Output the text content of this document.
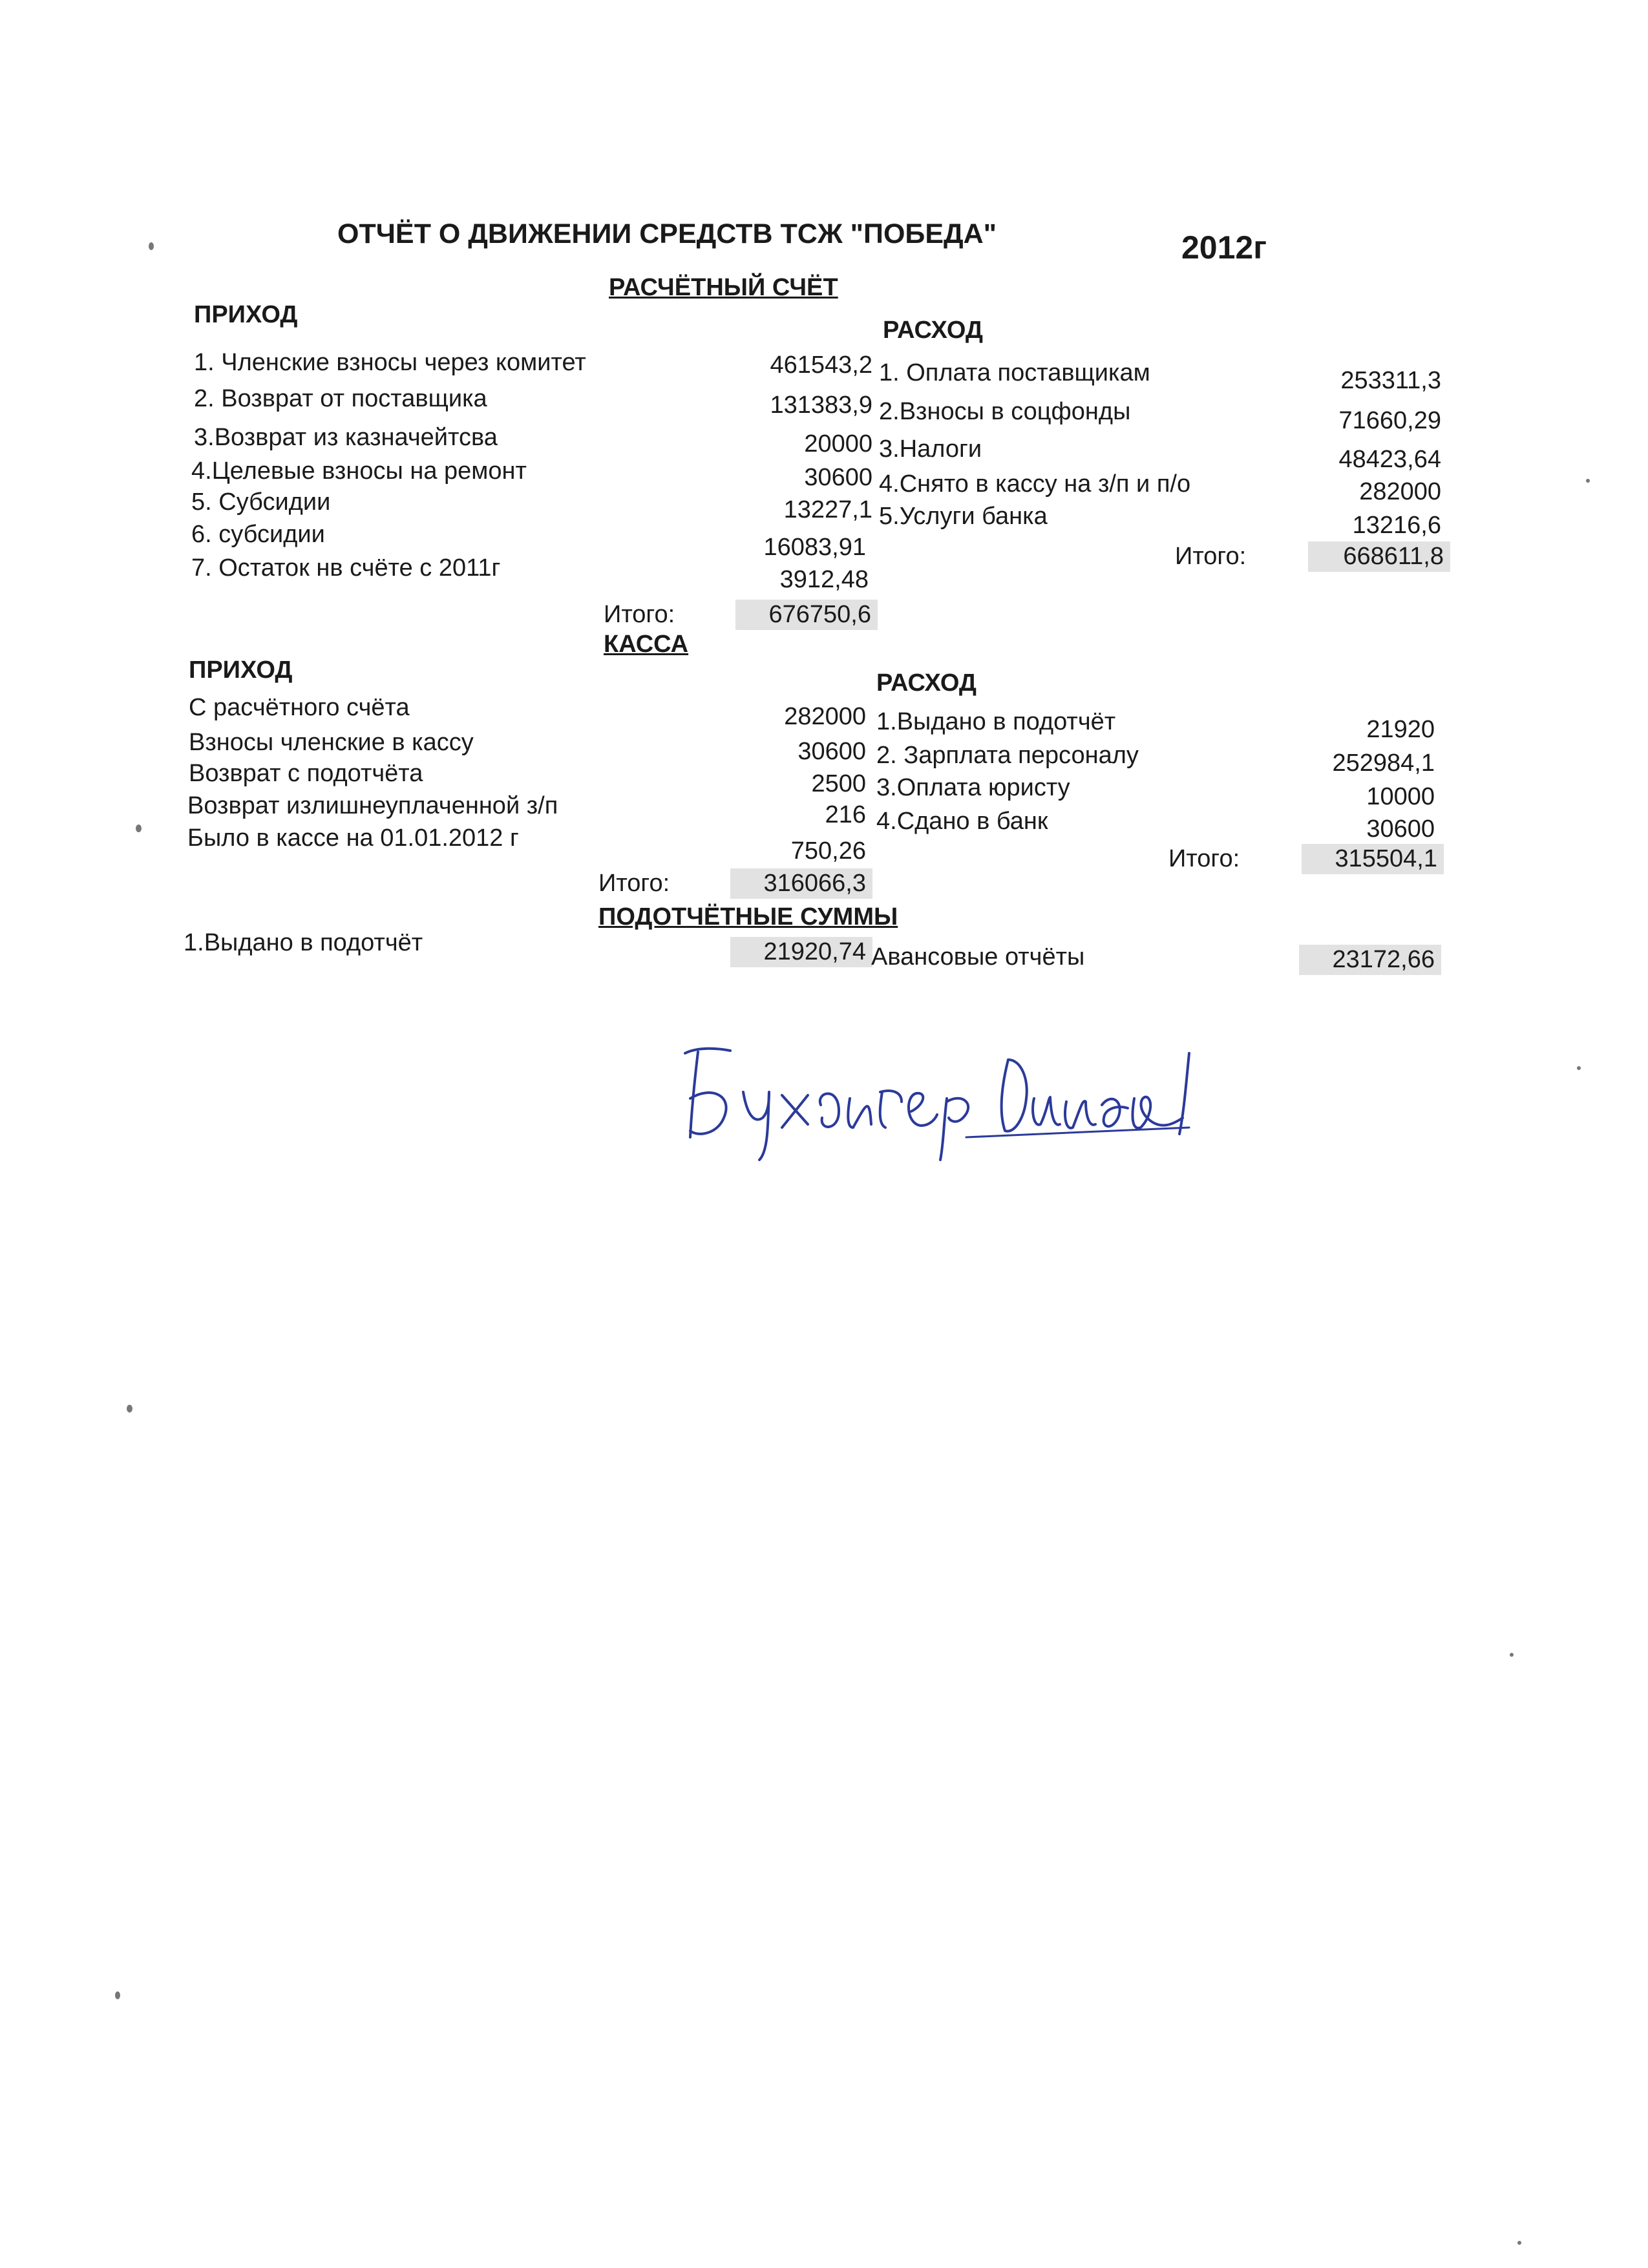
ОТЧЁТ О ДВИЖЕНИИ СРЕДСТВ ТСЖ "ПОБЕДА"	2012г
РАСЧЁТНЫЙ СЧЁТ
ПРИХОД
РАСХОД
1. Членские взносы через комитет	461543,2
2. Возврат от поставщика	131383,9
3.Возврат из казначейтсва	20000
4.Целевые взносы на ремонт	30600
5. Субсидии	13227,1
6. субсидии	16083,91
7. Остаток нв счёте с 2011г	3912,48
Итого:	676750,6
1. Оплата поставщикам	253311,3
2.Взносы в соцфонды	71660,29
3.Налоги	48423,64
4.Снято в кассу на з/п и п/о	282000
5.Услуги банка	13216,6
Итого:	668611,8
КАССА
ПРИХОД	РАСХОД
С расчётного счёта	282000
Взносы членские в кассу	30600
Возврат с подотчёта	2500
Возврат излишнеуплаченной з/п	216
Было в кассе на 01.01.2012 г	750,26
Итого:	316066,3
1.Выдано в подотчёт	21920
2. Зарплата персоналу	252984,1
3.Оплата юристу	10000
4.Сдано в банк	30600
Итого:	315504,1
ПОДОТЧЁТНЫЕ СУММЫ
1.Выдано в подотчёт	21920,74 Авансовые отчёты	23172,66
